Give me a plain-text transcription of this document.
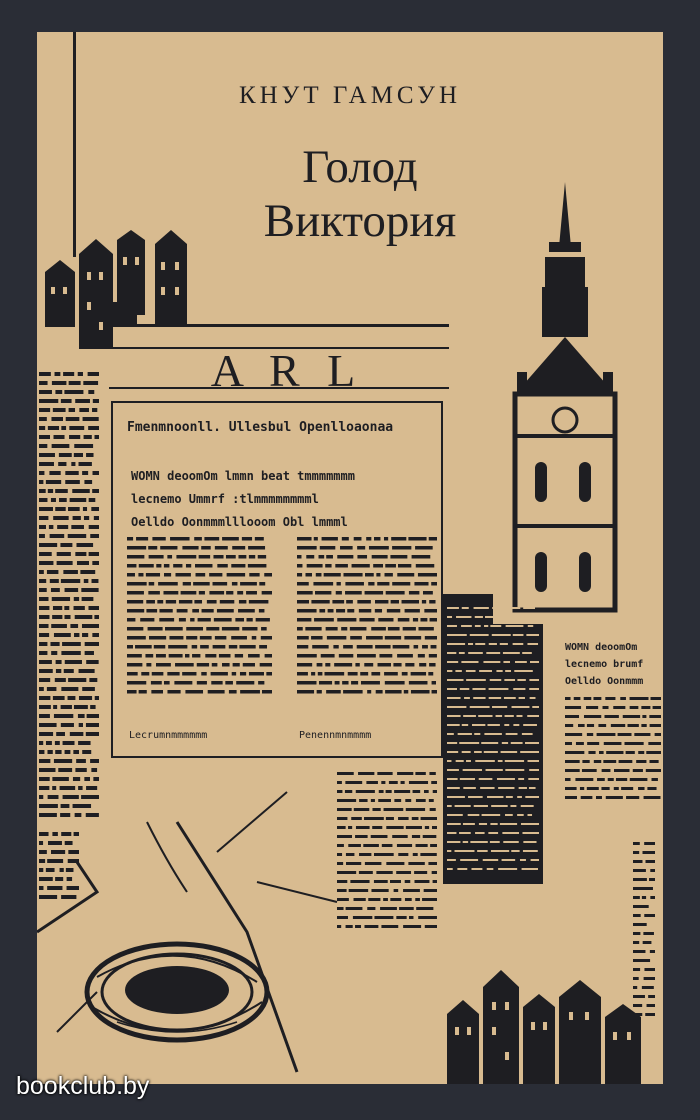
КНУТ ГАМСУН
Голод
Виктория
A R L
Fmenmnoonll. Ullesbul Openlloaonaa
WOMN deoomOm lmmn beat tmmmmmmm
lecnemo Ummrf :tlmmmmmmmml
Oelldo Oonmmmlllooom Obl lmmml
Lecrumnmmmmmm	Penennmnmmmm
WOMN deoomOm
lecnemo brumf
Oelldo Oonmmm
bookclub.by
